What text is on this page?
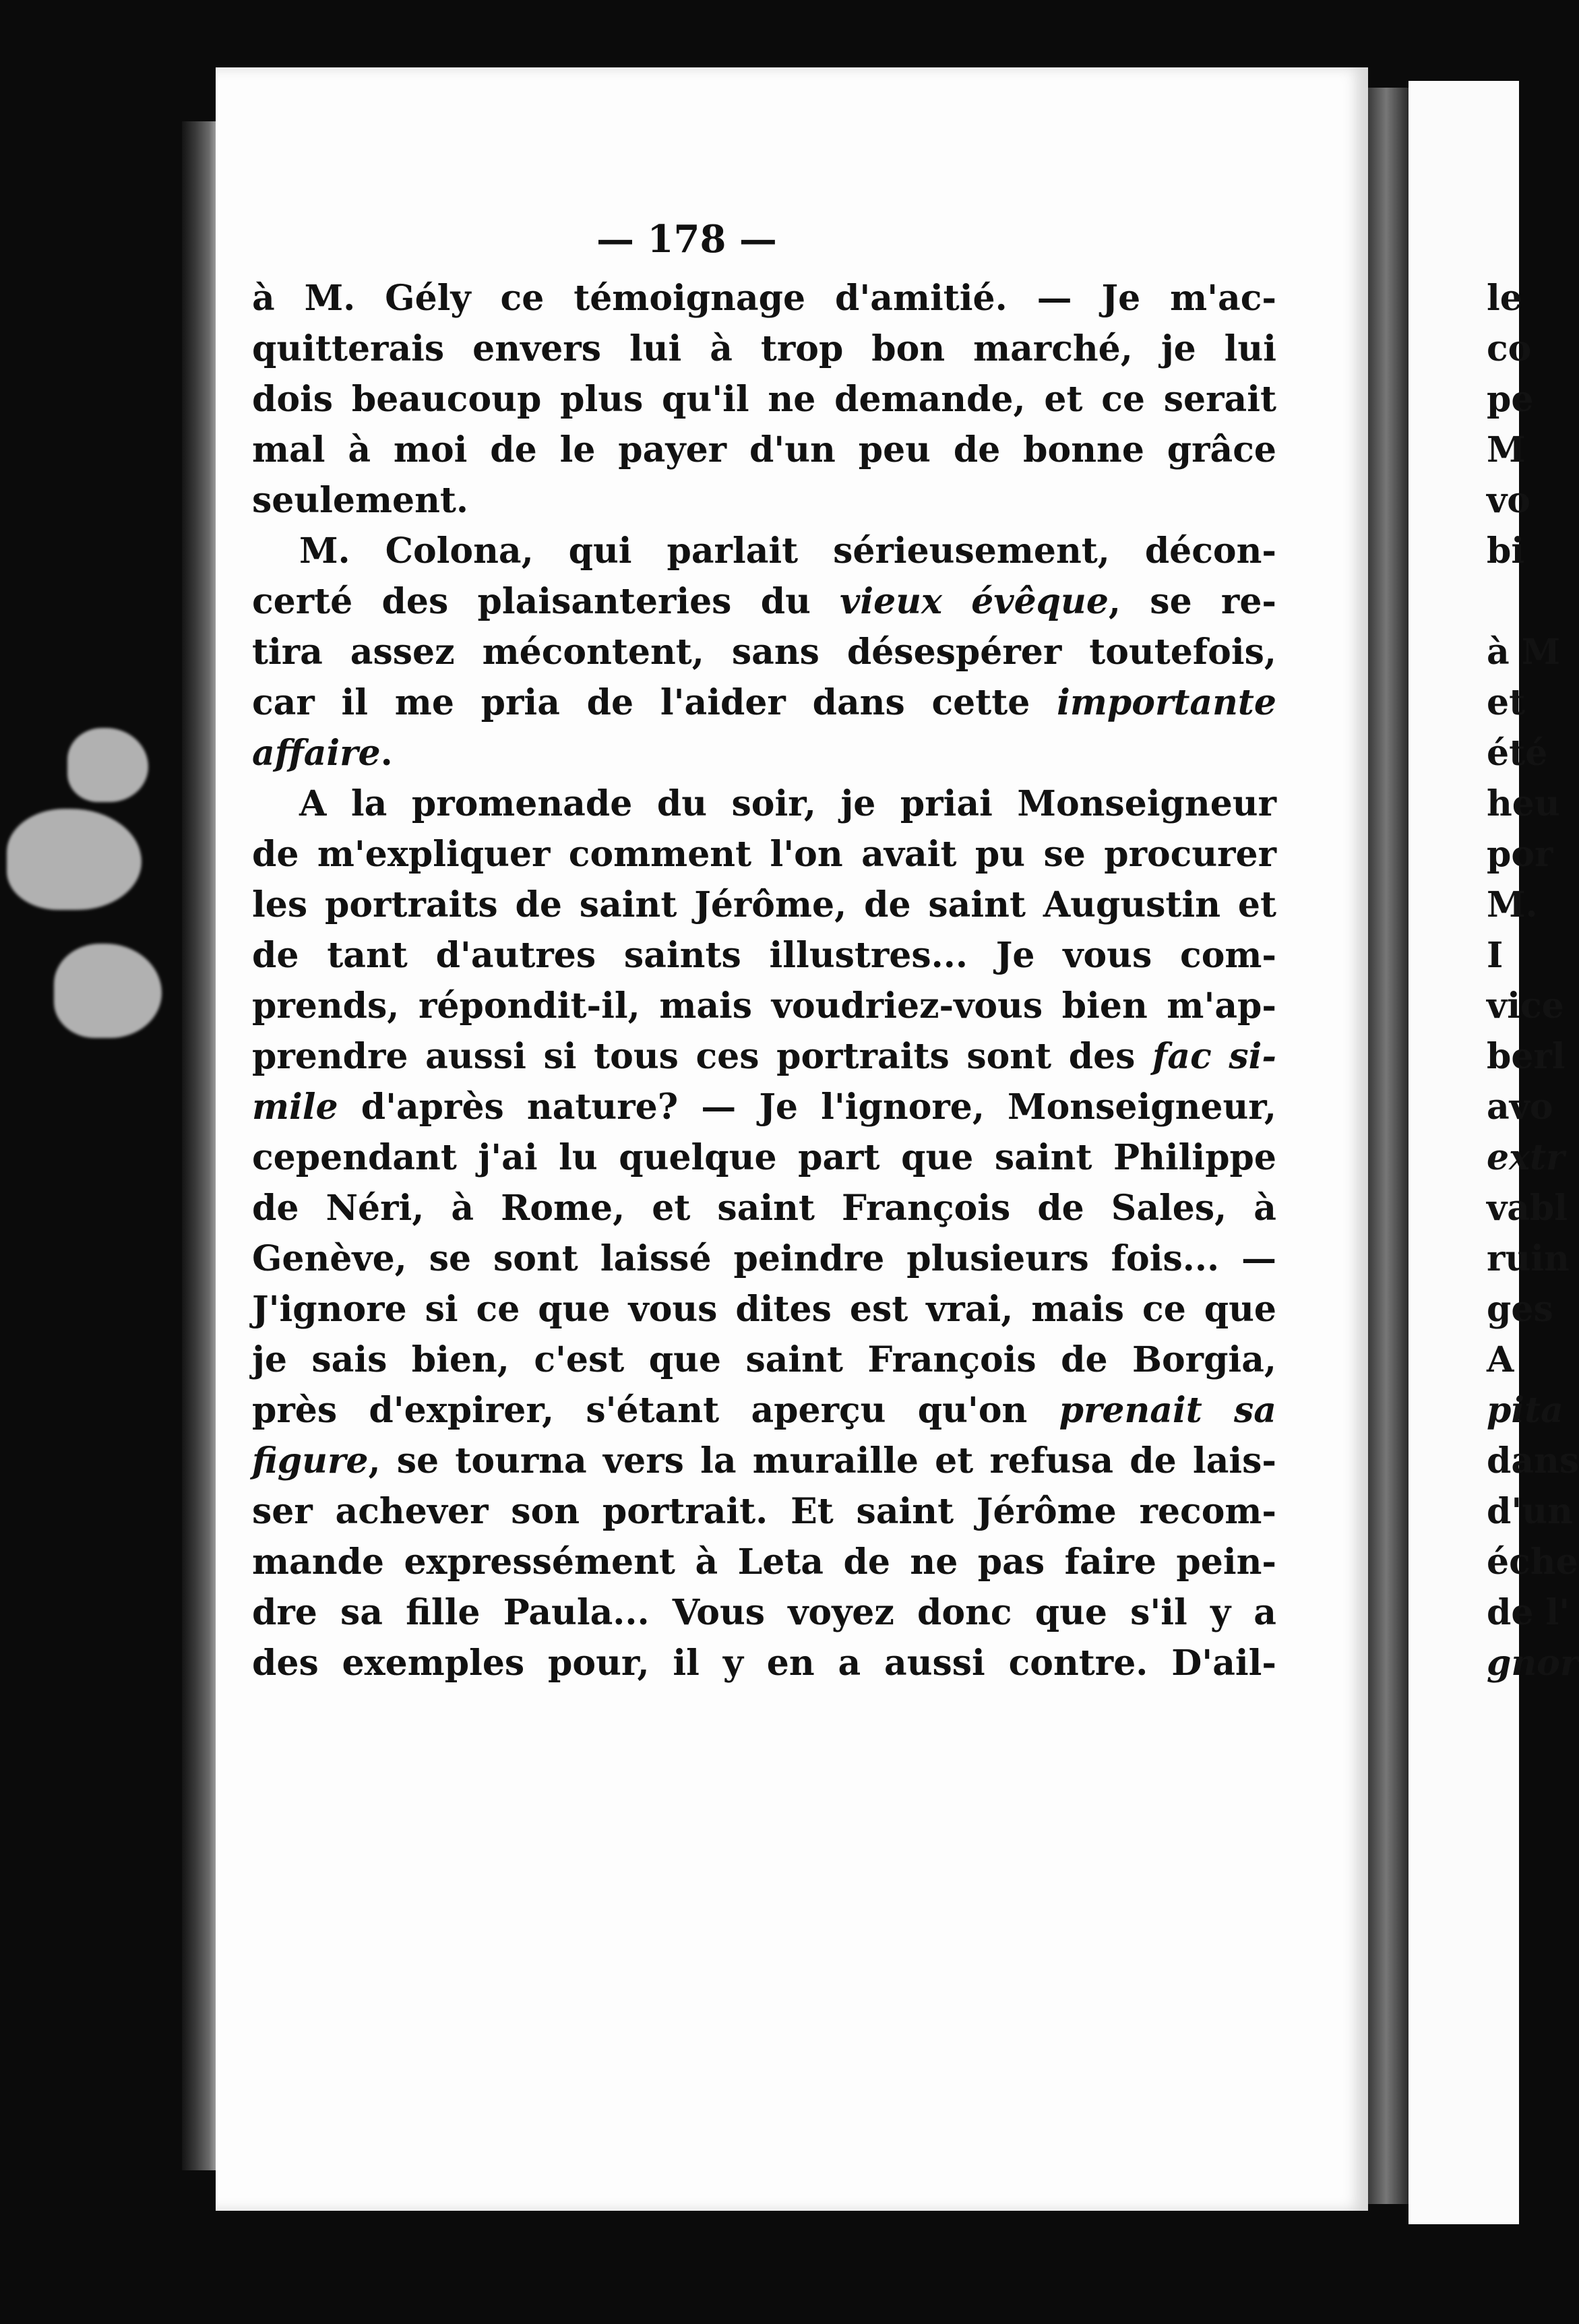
le
co
pe
M
vo
bi
à M
et
été
heu
por
M.
I
vice
berl
avo
extr
vabl
ruin
ges
A
pita
dans
d'un
éche
de l'
gnor
— 178 —
à M. Gély ce témoignage d'amitié. — Je m'ac-
quitterais envers lui à trop bon marché, je lui
dois beaucoup plus qu'il ne demande, et ce serait
mal à moi de le payer d'un peu de bonne grâce
seulement.
M. Colona, qui parlait sérieusement, décon-
certé des plaisanteries du vieux évêque, se re-
tira assez mécontent, sans désespérer toutefois,
car il me pria de l'aider dans cette importante
affaire.
A la promenade du soir, je priai Monseigneur
de m'expliquer comment l'on avait pu se procurer
les portraits de saint Jérôme, de saint Augustin et
de tant d'autres saints illustres... Je vous com-
prends, répondit-il, mais voudriez-vous bien m'ap-
prendre aussi si tous ces portraits sont des fac si-
mile d'après nature? — Je l'ignore, Monseigneur,
cependant j'ai lu quelque part que saint Philippe
de Néri, à Rome, et saint François de Sales, à
Genève, se sont laissé peindre plusieurs fois... —
J'ignore si ce que vous dites est vrai, mais ce que
je sais bien, c'est que saint François de Borgia,
près d'expirer, s'étant aperçu qu'on prenait sa
figure, se tourna vers la muraille et refusa de lais-
ser achever son portrait. Et saint Jérôme recom-
mande expressément à Leta de ne pas faire pein-
dre sa fille Paula... Vous voyez donc que s'il y a
des exemples pour, il y en a aussi contre. D'ail-
